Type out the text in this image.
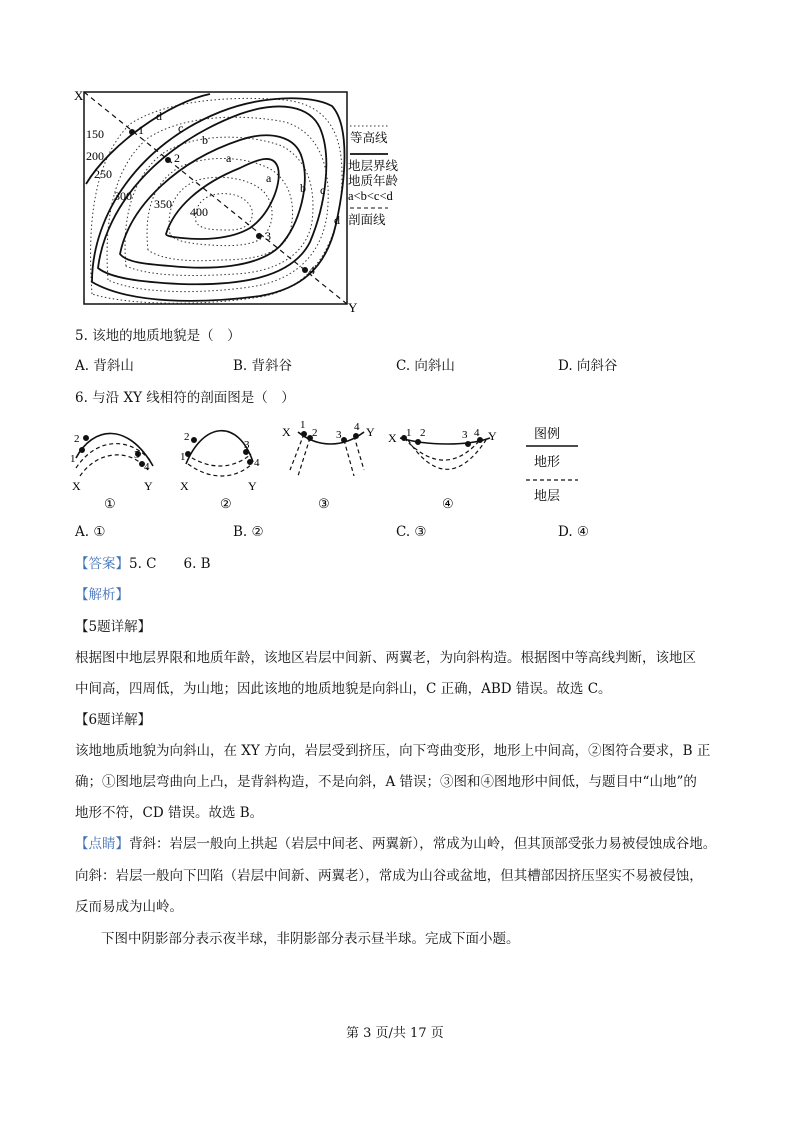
X
Y
1
2
3
4
150
200
250
300
350
400
d
c
b
a
a
b c
d
等高线
地层界线
地质年龄
a<b<c<d
剖面线
5. 该地的地质地貌是（　）
A. 背斜山	B. 背斜谷	C. 向斜山	D. 向斜谷
6. 与沿 XY 线相符的剖面图是（　）
X	Y
1
2
3
4
①
X	Y
1
2
3
4
②
X	Y
1
2 3
4
③
X	Y
1 2	3 4
④
图例
地形
地层
A. ①	B. ②	C. ③	D. ④
【答案】5. C　　6. B
【解析】
【5题详解】
根据图中地层界限和地质年龄，该地区岩层中间新、两翼老，为向斜构造。根据图中等高线判断，该地区
中间高，四周低，为山地；因此该地的地质地貌是向斜山，C 正确，ABD 错误。故选 C。
【6题详解】
该地地质地貌为向斜山，在 XY 方向，岩层受到挤压，向下弯曲变形，地形上中间高，②图符合要求，B 正
确；①图地层弯曲向上凸，是背斜构造，不是向斜，A 错误；③图和④图地形中间低，与题目中“山地”的
地形不符，CD 错误。故选 B。
【点睛】背斜：岩层一般向上拱起（岩层中间老、两翼新），常成为山岭，但其顶部受张力易被侵蚀成谷地。
向斜：岩层一般向下凹陷（岩层中间新、两翼老），常成为山谷或盆地，但其槽部因挤压坚实不易被侵蚀，
反而易成为山岭。
下图中阴影部分表示夜半球，非阴影部分表示昼半球。完成下面小题。
第 3 页/共 17 页
